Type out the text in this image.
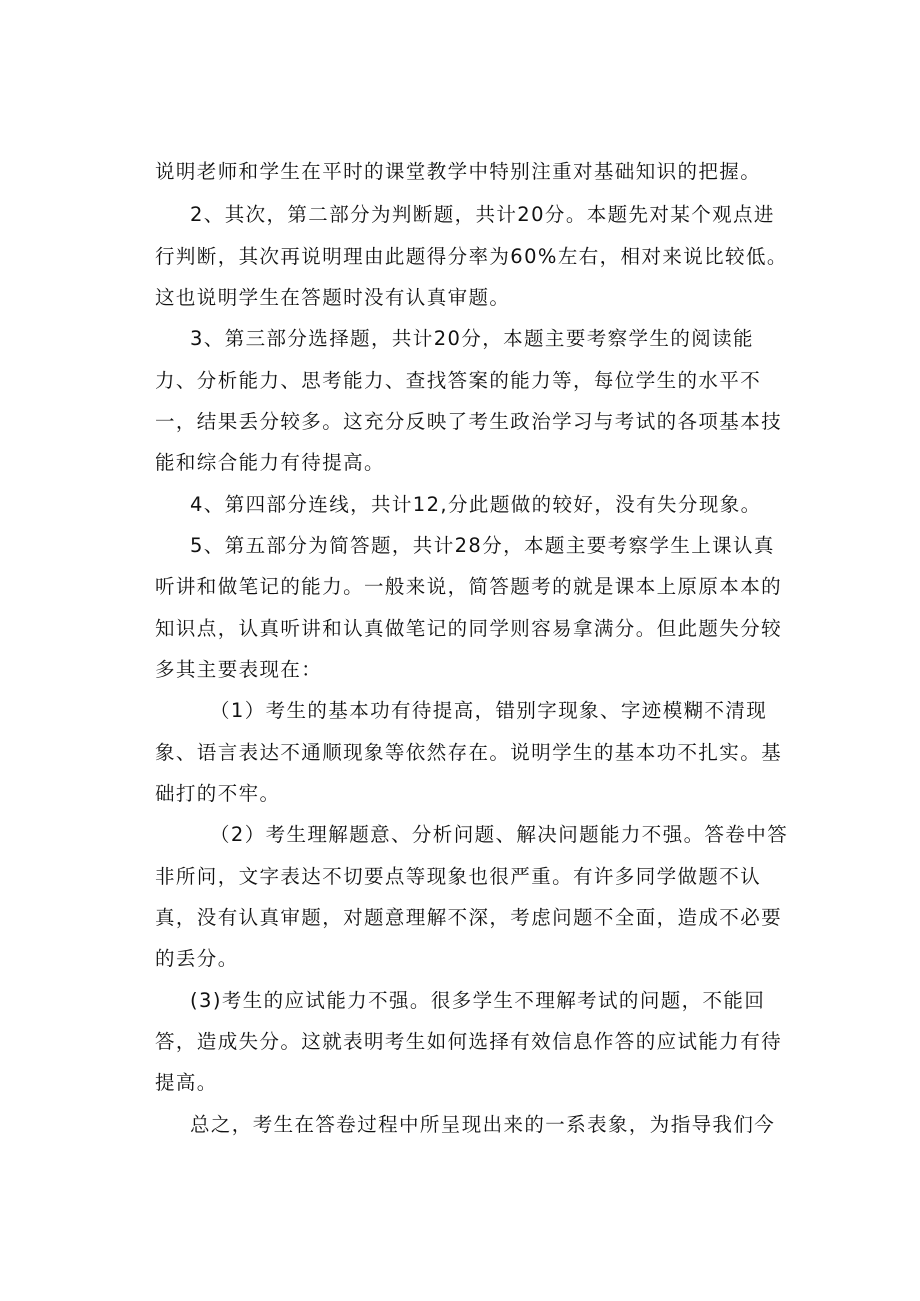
说明老师和学生在平时的课堂教学中特别注重对基础知识的把握。
2、其次，第二部分为判断题，共计20分。本题先对某个观点进
行判断，其次再说明理由此题得分率为60%左右，相对来说比较低。
这也说明学生在答题时没有认真审题。
3、第三部分选择题，共计20分，本题主要考察学生的阅读能
力、分析能力、思考能力、查找答案的能力等，每位学生的水平不
一，结果丢分较多。这充分反映了考生政治学习与考试的各项基本技
能和综合能力有待提高。
4、第四部分连线，共计12,分此题做的较好，没有失分现象。
5、第五部分为简答题，共计28分，本题主要考察学生上课认真
听讲和做笔记的能力。一般来说，简答题考的就是课本上原原本本的
知识点，认真听讲和认真做笔记的同学则容易拿满分。但此题失分较
多其主要表现在：
（1）考生的基本功有待提高，错别字现象、字迹模糊不清现
象、语言表达不通顺现象等依然存在。说明学生的基本功不扎实。基
础打的不牢。
（2）考生理解题意、分析问题、解决问题能力不强。答卷中答
非所问，文字表达不切要点等现象也很严重。有许多同学做题不认
真，没有认真审题，对题意理解不深，考虑问题不全面，造成不必要
的丢分。
(3)考生的应试能力不强。很多学生不理解考试的问题，不能回
答，造成失分。这就表明考生如何选择有效信息作答的应试能力有待
提高。
总之，考生在答卷过程中所呈现出来的一系表象，为指导我们今
